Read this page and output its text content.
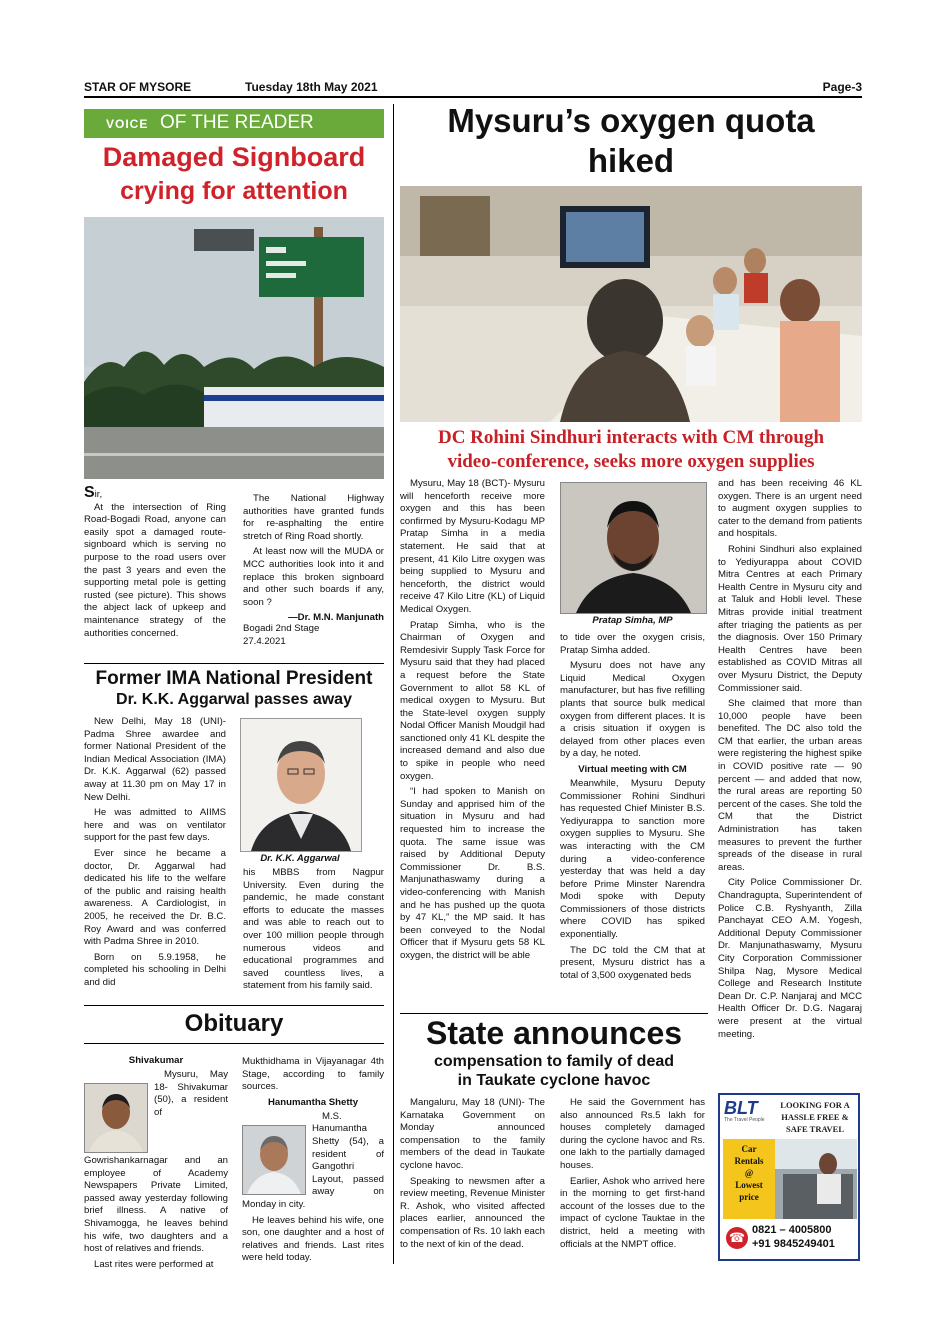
STAR OF MYSORE	Tuesday 18th May 2021	Page-3
VOICE OF THE READER
Damaged Signboard
crying for attention

Sir,

At the intersection of Ring Road-Bogadi Road, anyone can easily spot a damaged route-signboard which is serving no purpose to the road users over the past 3 years and even the supporting metal pole is getting rusted (see picture). This shows the abject lack of upkeep and maintenance strategy of the authorities concerned.

The National Highway authorities have granted funds for re-asphalting the entire stretch of Ring Road shortly.

At least now will the MUDA or MCC authorities look into it and replace this broken signboard and other such boards if any, soon ?

—Dr. M.N. Manjunath
Bogadi 2nd Stage
27.4.2021
Former IMA National President
Dr. K.K. Aggarwal passes away

New Delhi, May 18 (UNI)- Padma Shree awardee and former National President of the Indian Medical Association (IMA) Dr. K.K. Aggarwal (62) passed away at 11.30 pm on May 17 in New Delhi.

He was admitted to AIIMS here and was on ventilator support for the past few days.

Ever since he became a doctor, Dr. Aggarwal had dedicated his life to the welfare of the public and raising health awareness. A Cardiologist, in 2005, he received the Dr. B.C. Roy Award and was conferred with Padma Shree in 2010.

Born on 5.9.1958, he completed his schooling in Delhi and did

Dr. K.K. Aggarwal

his MBBS from Nagpur University. Even during the pandemic, he made constant efforts to educate the masses and was able to reach out to over 100 million people through numerous videos and educational programmes and saved countless lives, a statement from his family said.

Obituary
Shivakumar

Mysuru, May 18- Shivakumar (50), a resident of Gowrishankarnagar and an employee of Academy Newspapers Private Limited, passed away yesterday following brief illness. A native of Shivamogga, he leaves behind his wife, two daughters and a host of relatives and friends.

Last rites were performed at

Mukthidhama in Vijayanagar 4th Stage, according to family sources.

Hanumantha Shetty

M.S. Hanumantha Shetty (54), a resident of Gangothri Layout, passed away on Monday in city.

He leaves behind his wife, one son, one daughter and a host of relatives and friends. Last rites were held today.

Mysuru’s oxygen quota hiked
DC Rohini Sindhuri interacts with CM through
video-conference, seeks more oxygen supplies

Mysuru, May 18 (BCT)- Mysuru will henceforth receive more oxygen and this has been confirmed by Mysuru-Kodagu MP Pratap Simha in a media statement. He said that at present, 41 Kilo Litre oxygen was being supplied to Mysuru and henceforth, the district would receive 47 Kilo Litre (KL) of Liquid Medical Oxygen.

Pratap Simha, who is the Chairman of Oxygen and Remdesivir Supply Task Force for Mysuru said that they had placed a request before the State Government to allot 58 KL of medical oxygen to Mysuru. But the State-level oxygen supply Nodal Officer Manish Moudgil had sanctioned only 41 KL despite the increased demand and also due to spike in people who need oxygen.

“I had spoken to Manish on Sunday and apprised him of the situation in Mysuru and had requested him to increase the quota. The same issue was raised by Additional Deputy Commissioner Dr. B.S. Manjunathaswamy during a video-conferencing with Manish and he has pushed up the quota by 47 KL,” the MP said. It has been conveyed to the Nodal Officer that if Mysuru gets 58 KL oxygen, the district will be able

Pratap Simha, MP

to tide over the oxygen crisis, Pratap Simha added.

Mysuru does not have any Liquid Medical Oxygen manufacturer, but has five refilling plants that source bulk medical oxygen from different places. It is a crisis situation if oxygen is delayed from other places even by a day, he noted.

Virtual meeting with CM

Meanwhile, Mysuru Deputy Commissioner Rohini Sindhuri has requested Chief Minister B.S. Yediyurappa to sanction more oxygen supplies to Mysuru. She was interacting with the CM during a video-conference yesterday that was held a day before Prime Minster Narendra Modi spoke with Deputy Commissioners of those districts where COVID has spiked exponentially.

The DC told the CM that at present, Mysuru district has a total of 3,500 oxygenated beds

and has been receiving 46 KL oxygen. There is an urgent need to augment oxygen supplies to cater to the demand from patients and hospitals.

Rohini Sindhuri also explained to Yediyurappa about COVID Mitra Centres at each Primary Health Centre in Mysuru city and at Taluk and Hobli level. These Mitras provide initial treatment after triaging the patients as per the diagnosis. Over 150 Primary Health Centres have been established as COVID Mitras all over Mysuru District, the Deputy Commissioner said.

She claimed that more than 10,000 people have been benefited. The DC also told the CM that earlier, the urban areas were registering the highest spike in COVID positive rate — 90 percent — and added that now, the rural areas are reporting 50 percent of the cases. She told the CM that the District Administration has taken measures to prevent the further spreads of the disease in rural areas.

City Police Commissioner Dr. Chandragupta, Superintendent of Police C.B. Ryshyanth, Zilla Panchayat CEO A.M. Yogesh, Additional Deputy Commissioner Dr. Manjunathaswamy, Mysuru City Corporation Commissioner Shilpa Nag, Mysore Medical College and Research Institute Dean Dr. C.P. Nanjaraj and MCC Health Officer Dr. D.G. Nagaraj were present at the virtual meeting.

State announces
compensation to family of dead
in Taukate cyclone havoc

Mangaluru, May 18 (UNI)- The Karnataka Government on Monday announced compensation to the family members of the dead in Taukate cyclone havoc.

Speaking to newsmen after a review meeting, Revenue Minister R. Ashok, who visited affected places earlier, announced the compensation of Rs. 10 lakh each to the next of kin of the dead.

He said the Government has also announced Rs.5 lakh for houses completely damaged during the cyclone havoc and Rs. one lakh to the partially damaged houses.

Earlier, Ashok who arrived here in the morning to get first-hand account of the losses due to the impact of cyclone Tauktae in the district, held a meeting with officials at the NMPT office.

BLT
The Travel People
LOOKING FOR A
HASSLE FREE &
SAFE TRAVEL
Car
Rentals
@
Lowest
price
☎ 0821 – 4005800
+91 9845249401
